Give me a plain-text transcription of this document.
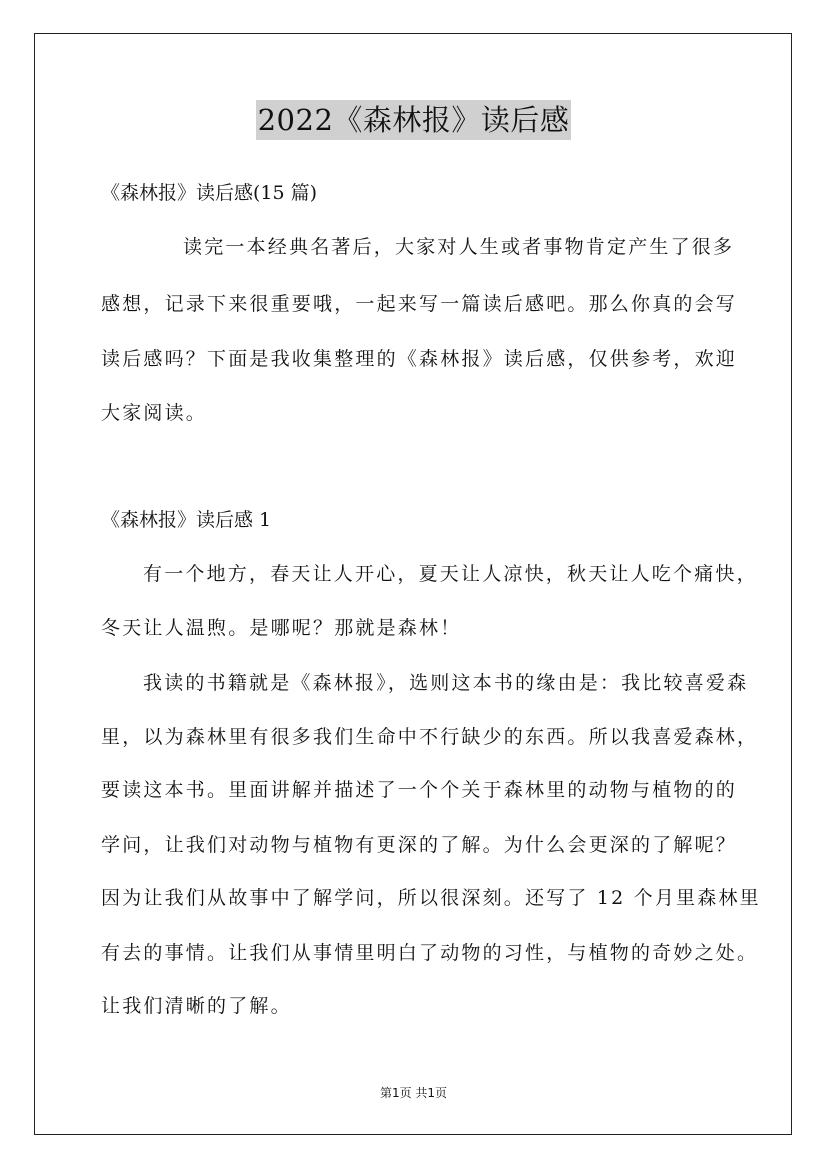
2022《森林报》读后感
《森林报》读后感(15 篇)
读完一本经典名著后，大家对人生或者事物肯定产生了很多
感想，记录下来很重要哦，一起来写一篇读后感吧。那么你真的会写
读后感吗？下面是我收集整理的《森林报》读后感，仅供参考，欢迎
大家阅读。
《森林报》读后感 1
有一个地方，春天让人开心，夏天让人凉快，秋天让人吃个痛快，
冬天让人温煦。是哪呢？那就是森林！
我读的书籍就是《森林报》，选则这本书的缘由是：我比较喜爱森
里，以为森林里有很多我们生命中不行缺少的东西。所以我喜爱森林，
要读这本书。里面讲解并描述了一个个关于森林里的动物与植物的的
学问，让我们对动物与植物有更深的了解。为什么会更深的了解呢？
因为让我们从故事中了解学问，所以很深刻。还写了 12 个月里森林里
有去的事情。让我们从事情里明白了动物的习性，与植物的奇妙之处。
让我们清晰的了解。
第1页 共1页
